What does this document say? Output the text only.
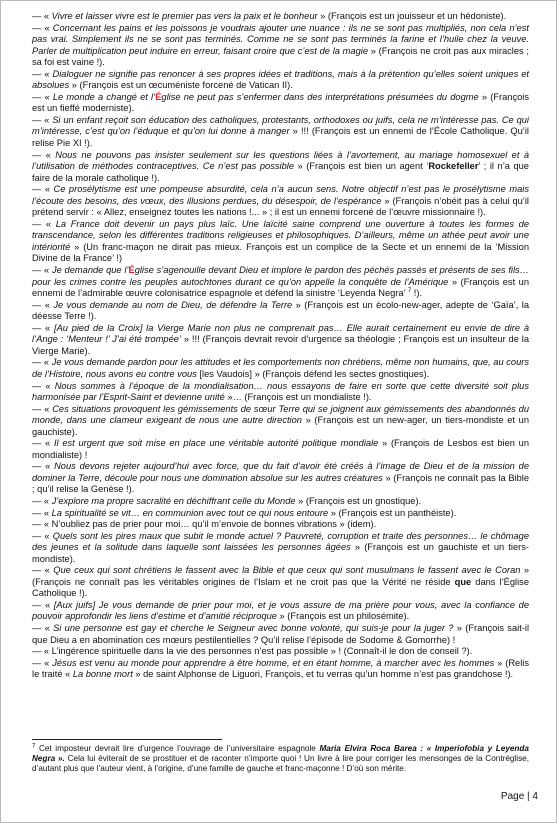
— « Vivre et laisser vivre est le premier pas vers la paix et le bonheur » (François est un jouisseur et un hédoniste).

— « Concernant les pains et les poissons je voudrais ajouter une nuance : ils ne se sont pas multipliés, non cela n’est pas vrai. Simplement ils ne se sont pas terminés. Comme ne se sont pas terminés la farine et l’huile chez la veuve. Parler de multiplication peut induire en erreur, faisant croire que c’est de la magie » (François ne croit pas aux miracles ; sa foi est vaine !).

— « Dialoguer ne signifie pas renoncer à ses propres idées et traditions, mais à la prétention qu’elles soient uniques et absolues » (François est un œcuméniste forcené de Vatican II).

— « Le monde a changé et l’Église ne peut pas s’enfermer dans des interprétations présumées du dogme » (François est un fieffé moderniste).

— « Si un enfant reçoit son éducation des catholiques, protestants, orthodoxes ou juifs, cela ne m’intéresse pas. Ce qui m’intéresse, c’est qu’on l’éduque et qu’on lui donne à manger » !!! (François est un ennemi de l’École Catholique. Qu’il relise Pie XI !).

— « Nous ne pouvons pas insister seulement sur les questions liées à l’avortement, au mariage homosexuel et à l’utilisation de méthodes contraceptives. Ce n’est pas possible » (François est bien un agent ‘Rockefeller’ ; il n’a que faire de la morale catholique !).

— « Ce prosélytisme est une pompeuse absurdité, cela n’a aucun sens. Notre objectif n’est pas le prosélytisme mais l’écoute des besoins, des vœux, des illusions perdues, du désespoir, de l’espérance » (François n’obéit pas à celui qu’il prétend servir : « Allez, enseignez toutes les nations !... » ; il est un ennemi forcené de l’œuvre missionnaire !).

— « La France doit devenir un pays plus laïc. Une laïcité saine comprend une ouverture à toutes les formes de transcendance, selon les différentes traditions religieuses et philosophiques. D’ailleurs, même un athée peut avoir une intériorité » (Un franc-maçon ne dirait pas mieux. François est un complice de la Secte et un ennemi de la ‘Mission Divine de la France’ !)

— « Je demande que l’Église s’agenouille devant Dieu et implore le pardon des péchés passés et présents de ses fils… pour les crimes contre les peuples autochtones durant ce qu’on appelle la conquête de l’Amérique » (François est un ennemi de l’admirable œuvre colonisatrice espagnole et défend la sinistre ‘Leyenda Negra’ $^7$ !).

— « Je vous demande au nom de Dieu, de défendre la Terre » (François est un écolo-new-ager, adepte de ‘Gaïa’, la déesse Terre !).

— « [Au pied de la Croix] la Vierge Marie non plus ne comprenait pas… Elle aurait certainement eu envie de dire à l’Ange : ‘Menteur !’ J’ai été trompée’ » !!! (François devrait revoir d’urgence sa théologie ; François est un insulteur de la Vierge Marie).

— « Je vous demande pardon pour les attitudes et les comportements non chrétiens, même non humains, que, au cours de l’Histoire, nous avons eu contre vous [les Vaudois] » (François défend les sectes gnostiques).

— « Nous sommes à l’époque de la mondialisation… nous essayons de faire en sorte que cette diversité soit plus harmonisée par l’Esprit-Saint et devienne unité »… (François est un mondialiste !).

— « Ces situations provoquent les gémissements de sœur Terre qui se joignent aux gémissements des abandonnés du monde, dans une clameur exigeant de nous une autre direction » (François est un new-ager, un tiers-mondiste et un gauchiste).

— « Il est urgent que soit mise en place une véritable autorité politique mondiale » (François de Lesbos est bien un mondialiste) !

— « Nous devons rejeter aujourd’hui avec force, que du fait d’avoir été créés à l’image de Dieu et de la mission de dominer la Terre, découle pour nous une domination absolue sur les autres créatures » (François ne connaît pas la Bible ; qu’il relise la Genèse !).

— « J’explore ma propre sacralité en déchiffrant celle du Monde » (François est un gnostique).

— « La spiritualité se vit… en communion avec tout ce qui nous entoure » (François est un panthéiste).

— « N’oubliez pas de prier pour moi… qu’il m’envoie de bonnes vibrations » (idem).

— « Quels sont les pires maux que subit le monde actuel ? Pauvreté, corruption et traite des personnes… le chômage des jeunes et la solitude dans laquelle sont laissées les personnes âgées » (François est un gauchiste et un tiers-mondiste).

— « Que ceux qui sont chrétiens le fassent avec la Bible et que ceux qui sont musulmans le fassent avec le Coran » (François ne connaît pas les véritables origines de l’Islam et ne croit pas que la Vérité ne réside que dans l’Église Catholique !).

— « [Aux juifs] Je vous demande de prier pour moi, et je vous assure de ma prière pour vous, avec la confiance de pouvoir approfondir les liens d’estime et d’amitié réciproque » (François est un philosémite).

— « Si une personne est gay et cherche le Seigneur avec bonne volonté, qui suis-je pour la juger ? » (François sait-il que Dieu a en abomination ces mœurs pestilentielles ? Qu’il relise l’épisode de Sodome & Gomorrhe) !

— « L’ingérence spirituelle dans la vie des personnes n’est pas possible » ! (Connaît-il le don de conseil ?).

— « Jésus est venu au monde pour apprendre à être homme, et en étant homme, à marcher avec les hommes » (Relis le traité « La bonne mort » de saint Alphonse de Liguori, François, et tu verras qu’un homme n’est pas grandchose !).

$^7$ Cet imposteur devrait lire d’urgence l’ouvrage de l’universitaire espagnole Maria Elvira Roca Barea : « Imperiofobia y Leyenda Negra ». Cela lui éviterait de se prostituer et de raconter n’importe quoi ! Un livre à lire pour corriger les mensonges de la Contréglise, d’autant plus que l’auteur vient, à l’origine, d’une famille de gauche et franc-maçonne ! D’où son mérite.

Page | 4
